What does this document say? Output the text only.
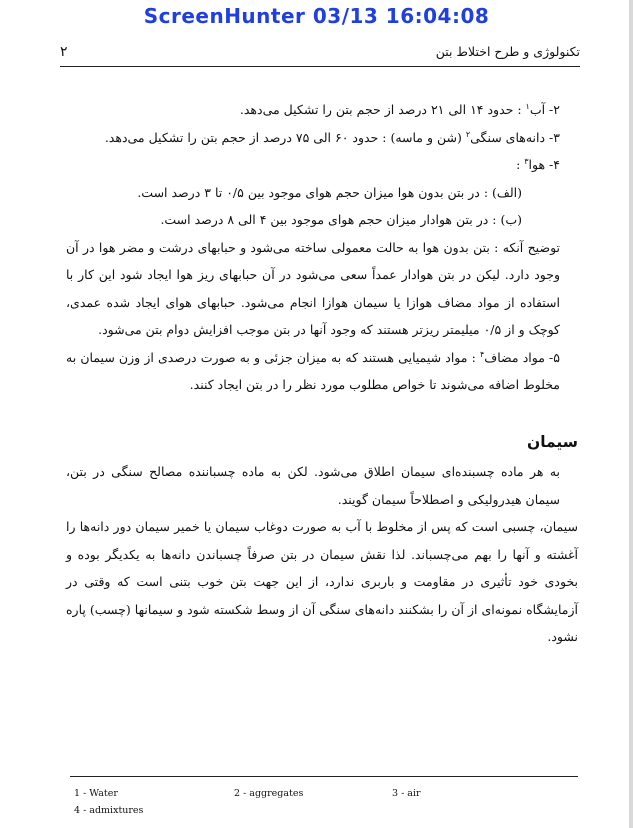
ScreenHunter 03/13 16:04:08
۲	تکنولوژی و طرح اختلاط بتن

۲- آب$^۱$ : حدود ۱۴ الی ۲۱ درصد از حجم بتن را تشکیل می‌دهد.

۳- دانه‌های سنگی$^۲$ (شن و ماسه) : حدود ۶۰ الی ۷۵ درصد از حجم بتن را تشکیل می‌دهد.

۴- هوا$^۳$ :

(الف) : در بتن بدون هوا میزان حجم هوای موجود بین ۰/۵ تا ۳ درصد است.

(ب) : در بتن هوادار میزان حجم هوای موجود بین ۴ الی ۸ درصد است.

توضیح آنکه : بتن بدون هوا به حالت معمولی ساخته می‌شود و حبابهای درشت و مضر هوا در آن وجود دارد. لیکن در بتن هوادار عمداً سعی می‌شود در آن حبابهای ریز هوا ایجاد شود این کار با استفاده از مواد مضاف هوازا یا سیمان هوازا انجام می‌شود. حبابهای هوای ایجاد شده عمدی، کوچک و از ۰/۵ میلیمتر ریزتر هستند که وجود آنها در بتن موجب افزایش دوام بتن می‌شود.

۵- مواد مضاف$^۴$ : مواد شیمیایی هستند که به میزان جزئی و به صورت درصدی از وزن سیمان به مخلوط اضافه می‌شوند تا خواص مطلوب مورد نظر را در بتن ایجاد کنند.

سیمان

به هر ماده چسبنده‌ای سیمان اطلاق می‌شود. لکن به ماده چسباننده مصالح سنگی در بتن، سیمان هیدرولیکی و اصطلاحاً سیمان گویند.

سیمان، چسبی است که پس از مخلوط با آب به صورت دوغاب سیمان یا خمیر سیمان دور دانه‌ها را آغشته و آنها را بهم می‌چسباند. لذا نقش سیمان در بتن صرفاً چسباندن دانه‌ها به یکدیگر بوده و بخودی خود تأثیری در مقاومت و باربری ندارد، از این جهت بتن خوب بتنی است که وقتی در آزمایشگاه نمونه‌ای از آن را بشکنند دانه‌های سنگی آن از وسط شکسته شود و سیمانها (چسب) پاره نشود.

1 - Water	2 - aggregates	3 - air
4 - admixtures
